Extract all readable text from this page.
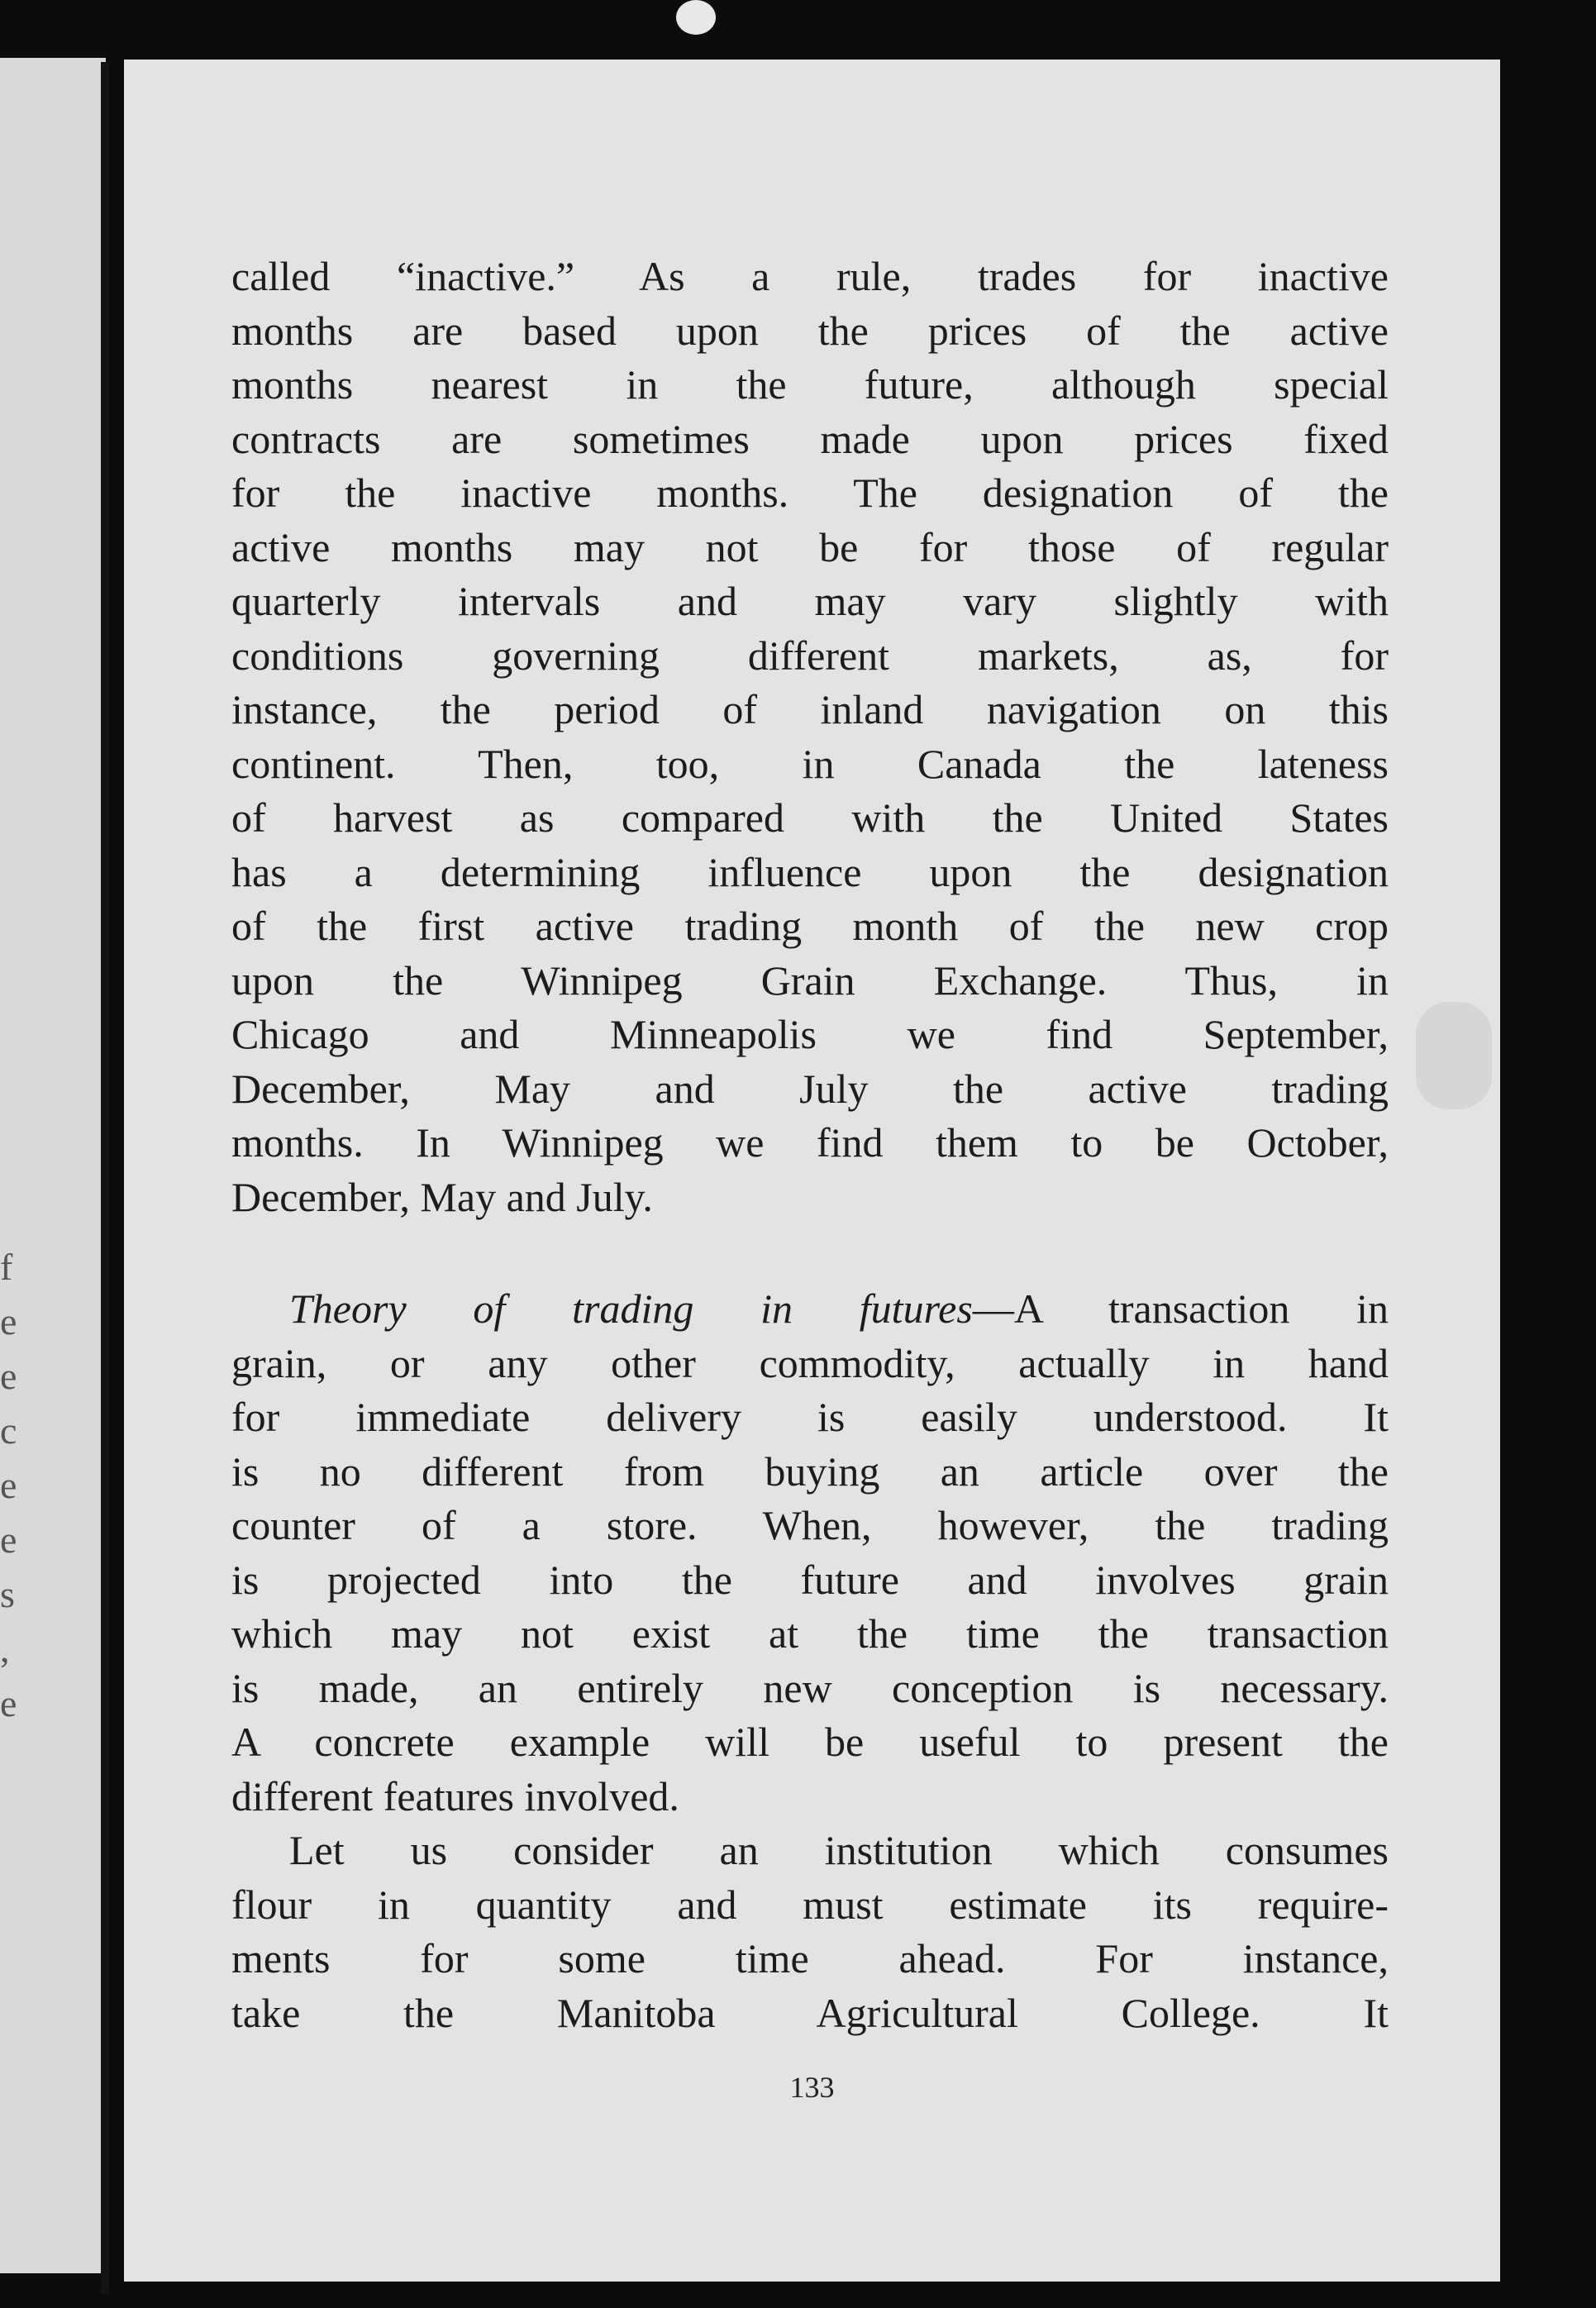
f
e
e
c
e
e
s
,
e

called “inactive.” As a rule, trades for inactive
months are based upon the prices of the active
months nearest in the future, although special
contracts are sometimes made upon prices fixed
for the inactive months. The designation of the
active months may not be for those of regular
quarterly intervals and may vary slightly with
conditions governing different markets, as, for
instance, the period of inland navigation on this
continent. Then, too, in Canada the lateness
of harvest as compared with the United States
has a determining influence upon the designation
of the first active trading month of the new crop
upon the Winnipeg Grain Exchange. Thus, in
Chicago and Minneapolis we find September,
December, May and July the active trading
months. In Winnipeg we find them to be October,
December, May and July.

Theory of trading in futures—A transaction in
grain, or any other commodity, actually in hand
for immediate delivery is easily understood. It
is no different from buying an article over the
counter of a store. When, however, the trading
is projected into the future and involves grain
which may not exist at the time the transaction
is made, an entirely new conception is necessary.
A concrete example will be useful to present the
different features involved.

Let us consider an institution which consumes
flour in quantity and must estimate its require-
ments for some time ahead. For instance,
take the Manitoba Agricultural College. It

133
